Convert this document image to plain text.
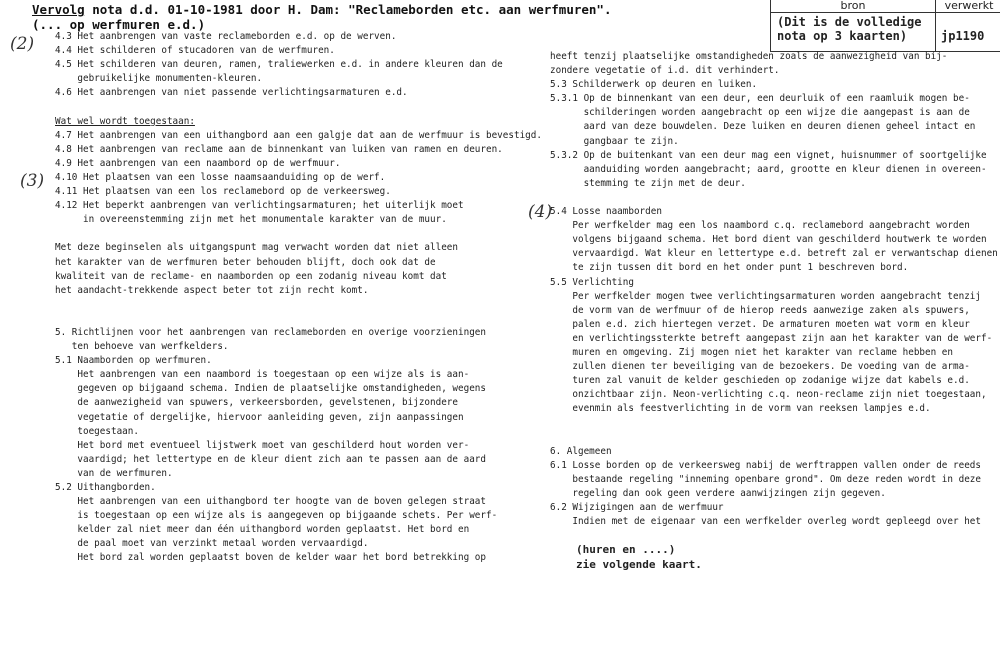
Vervolg nota d.d. 01-10-1981 door H. Dam: "Reclameborden etc. aan werfmuren".
(... op werfmuren e.d.)
bron	verwerkt
(Dit is de volledige
nota op 3 kaarten)	jp1190
(2)
(3)
(4)
4.3 Het aanbrengen van vaste reclameborden e.d. op de werven.
4.4 Het schilderen of stucadoren van de werfmuren.
4.5 Het schilderen van deuren, ramen, traliewerken e.d. in andere kleuren dan de
gebruikelijke monumenten-kleuren.
4.6 Het aanbrengen van niet passende verlichtingsarmaturen e.d.
Wat wel wordt toegestaan:
4.7 Het aanbrengen van een uithangbord aan een galgje dat aan de werfmuur is bevestigd.
4.8 Het aanbrengen van reclame aan de binnenkant van luiken van ramen en deuren.
4.9 Het aanbrengen van een naambord op de werfmuur.
4.10 Het plaatsen van een losse naamsaanduiding op de werf.
4.11 Het plaatsen van een los reclamebord op de verkeersweg.
4.12 Het beperkt aanbrengen van verlichtingsarmaturen; het uiterlijk moet
in overeenstemming zijn met het monumentale karakter van de muur.
Met deze beginselen als uitgangspunt mag verwacht worden dat niet alleen
het karakter van de werfmuren beter behouden blijft, doch ook dat de
kwaliteit van de reclame- en naamborden op een zodanig niveau komt dat
het aandacht-trekkende aspect beter tot zijn recht komt.
5. Richtlijnen voor het aanbrengen van reclameborden en overige voorzieningen
ten behoeve van werfkelders.
5.1 Naamborden op werfmuren.
Het aanbrengen van een naambord is toegestaan op een wijze als is aan-
gegeven op bijgaand schema. Indien de plaatselijke omstandigheden, wegens
de aanwezigheid van spuwers, verkeersborden, gevelstenen, bijzondere
vegetatie of dergelijke, hiervoor aanleiding geven, zijn aanpassingen
toegestaan.
Het bord met eventueel lijstwerk moet van geschilderd hout worden ver-
vaardigd; het lettertype en de kleur dient zich aan te passen aan de aard
van de werfmuren.
5.2 Uithangborden.
Het aanbrengen van een uithangbord ter hoogte van de boven gelegen straat
is toegestaan op een wijze als is aangegeven op bijgaande schets. Per werf-
kelder zal niet meer dan één uithangbord worden geplaatst. Het bord en
de paal moet van verzinkt metaal worden vervaardigd.
Het bord zal worden geplaatst boven de kelder waar het bord betrekking op
heeft tenzij plaatselijke omstandigheden zoals de aanwezigheid van bij-
zondere vegetatie of i.d. dit verhindert.
5.3 Schilderwerk op deuren en luiken.
5.3.1 Op de binnenkant van een deur, een deurluik of een raamluik mogen be-
schilderingen worden aangebracht op een wijze die aangepast is aan de
aard van deze bouwdelen. Deze luiken en deuren dienen geheel intact en
gangbaar te zijn.
5.3.2 Op de buitenkant van een deur mag een vignet, huisnummer of soortgelijke
aanduiding worden aangebracht; aard, grootte en kleur dienen in overeen-
stemming te zijn met de deur.
5.4 Losse naamborden
Per werfkelder mag een los naambord c.q. reclamebord aangebracht worden
volgens bijgaand schema. Het bord dient van geschilderd houtwerk te worden
vervaardigd. Wat kleur en lettertype e.d. betreft zal er verwantschap dienen
te zijn tussen dit bord en het onder punt 1 beschreven bord.
5.5 Verlichting
Per werfkelder mogen twee verlichtingsarmaturen worden aangebracht tenzij
de vorm van de werfmuur of de hierop reeds aanwezige zaken als spuwers,
palen e.d. zich hiertegen verzet. De armaturen moeten wat vorm en kleur
en verlichtingssterkte betreft aangepast zijn aan het karakter van de werf-
muren en omgeving. Zij mogen niet het karakter van reclame hebben en
zullen dienen ter beveiliging van de bezoekers. De voeding van de arma-
turen zal vanuit de kelder geschieden op zodanige wijze dat kabels e.d.
onzichtbaar zijn. Neon-verlichting c.q. neon-reclame zijn niet toegestaan,
evenmin als feestverlichting in de vorm van reeksen lampjes e.d.
6. Algemeen
6.1 Losse borden op de verkeersweg nabij de werftrappen vallen onder de reeds
bestaande regeling "inneming openbare grond". Om deze reden wordt in deze
regeling dan ook geen verdere aanwijzingen zijn gegeven.
6.2 Wijzigingen aan de werfmuur
Indien met de eigenaar van een werfkelder overleg wordt gepleegd over het
(huren en ....)
zie volgende kaart.
